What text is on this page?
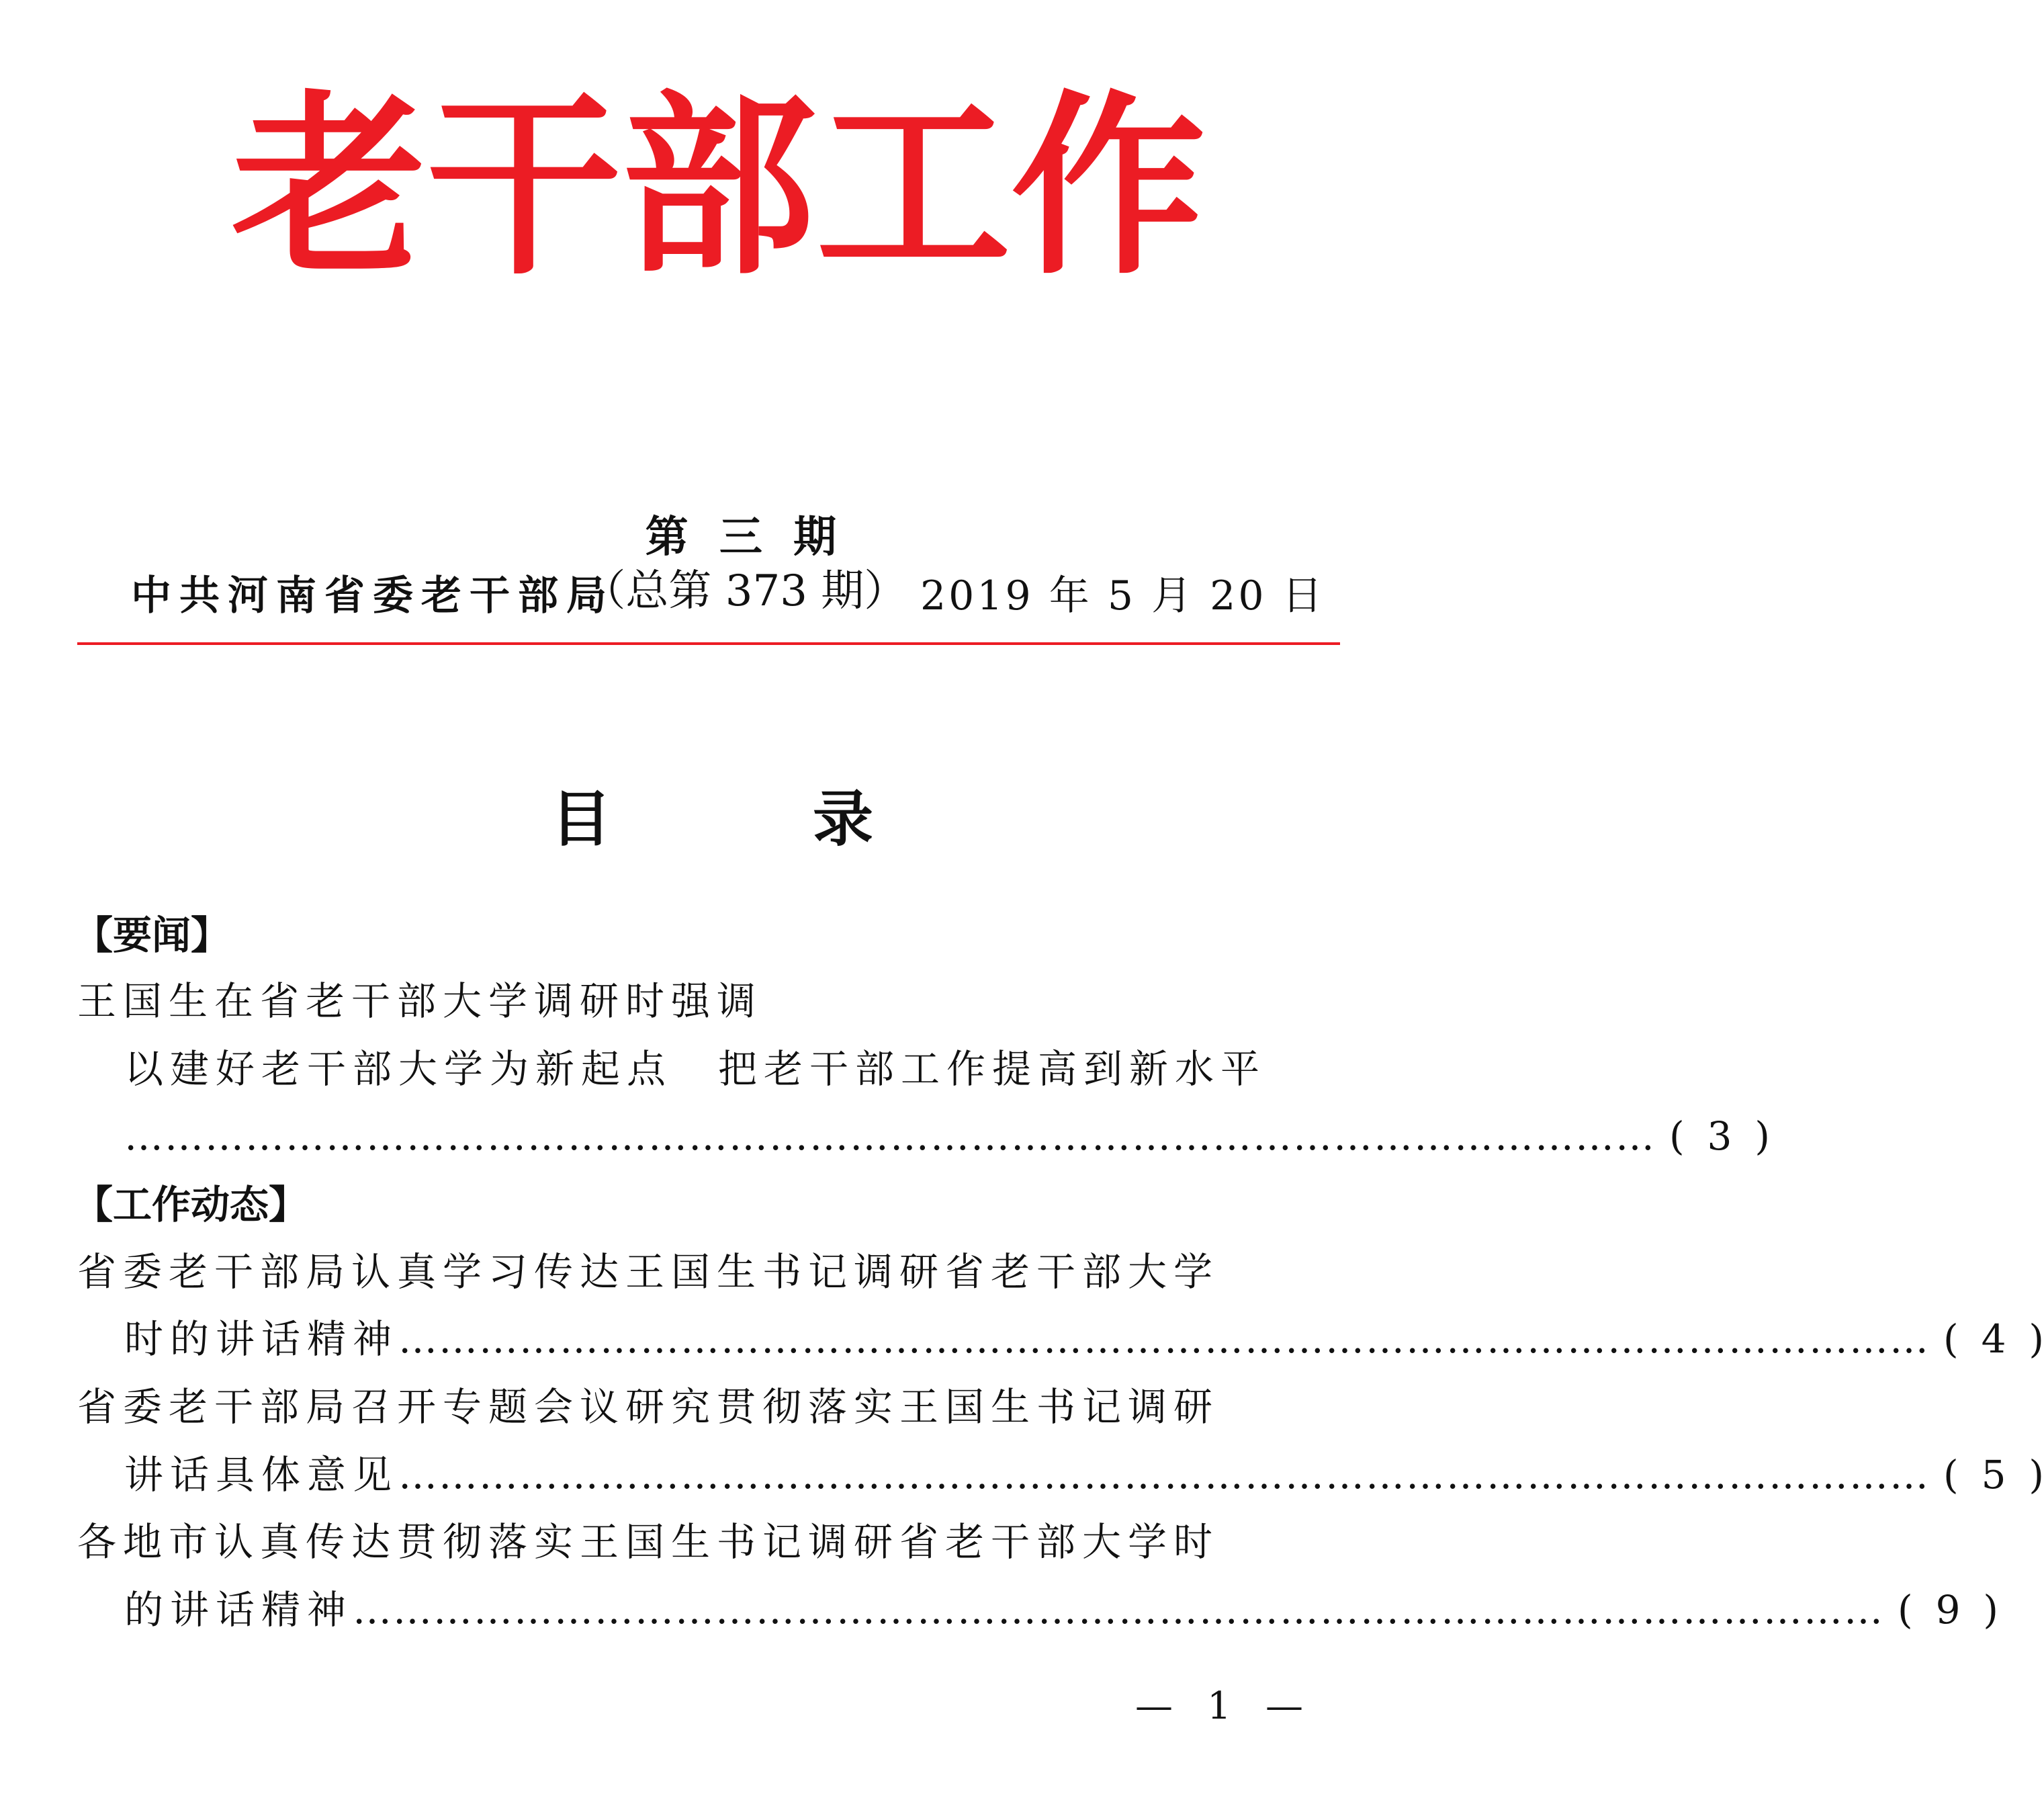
老 干 部 工 作

第 三 期
（总第 373 期）

中共河南省委老干部局	2019 年 5 月 20 日
目	录
【要闻】
王国生在省老干部大学调研时强调
以建好老干部大学为新起点　把老干部工作提高到新水平
…………………………………………………………………………………………………… ( 3 )
【工作动态】
省委老干部局认真学习传达王国生书记调研省老干部大学
时的讲话精神 …………………………………………………………………………………………………… ( 4 )
省委老干部局召开专题会议研究贯彻落实王国生书记调研
讲话具体意见 …………………………………………………………………………………………………… ( 5 )
各地市认真传达贯彻落实王国生书记调研省老干部大学时
的讲话精神 …………………………………………………………………………………………………… ( 9 )
— 1 —
